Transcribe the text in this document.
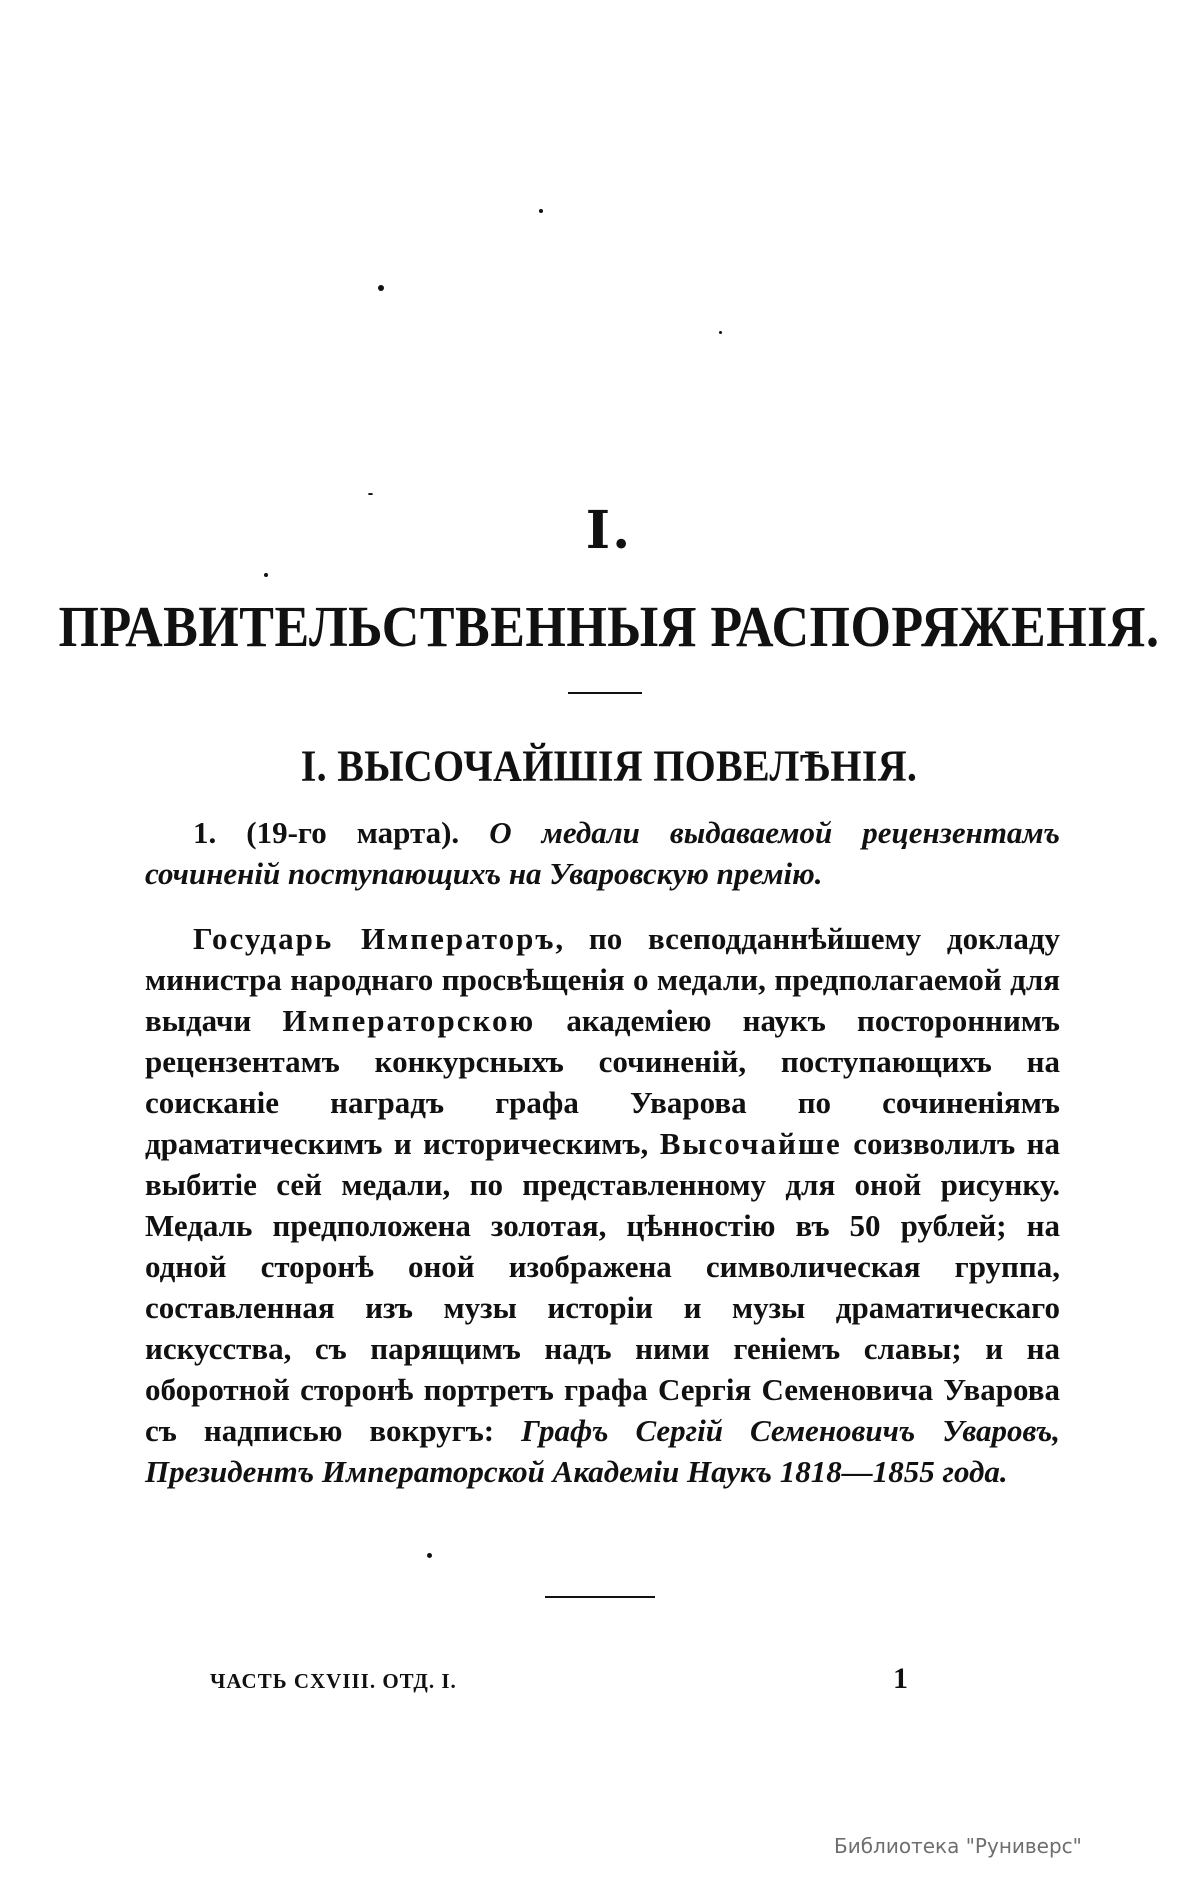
I.
ПРАВИТЕЛЬСТВЕННЫЯ РАСПОРЯЖЕНІЯ.
I. ВЫСОЧАЙШІЯ ПОВЕЛѢНІЯ.
1. (19-го марта). О медали выдаваемой рецензентамъ сочиненій поступающихъ на Уваровскую премію.
Государь Императоръ, по всеподданнѣйшему докладу министра народнаго просвѣщенія о медали, предполагаемой для выдачи Императорскою академіею наукъ постороннимъ рецензентамъ конкурсныхъ сочиненій, поступающихъ на соисканіе наградъ графа Уварова по сочиненіямъ драматическимъ и историческимъ, Высочайше соизволилъ на выбитіе сей медали, по представленному для оной рисунку. Медаль предположена золотая, цѣнностію въ 50 рублей; на одной сторонѣ оной изображена символическая группа, составленная изъ музы исторіи и музы драматическаго искусства, съ парящимъ надъ ними геніемъ славы; и на оборотной сторонѣ портретъ графа Сергія Семеновича Уварова съ надписью вокругъ: Графъ Сергій Семеновичъ Уваровъ, Президентъ Императорской Академіи Наукъ 1818—1855 года.
ЧАСТЬ CXVIII. ОТД. I.	1
Библиотека "Руниверс"
